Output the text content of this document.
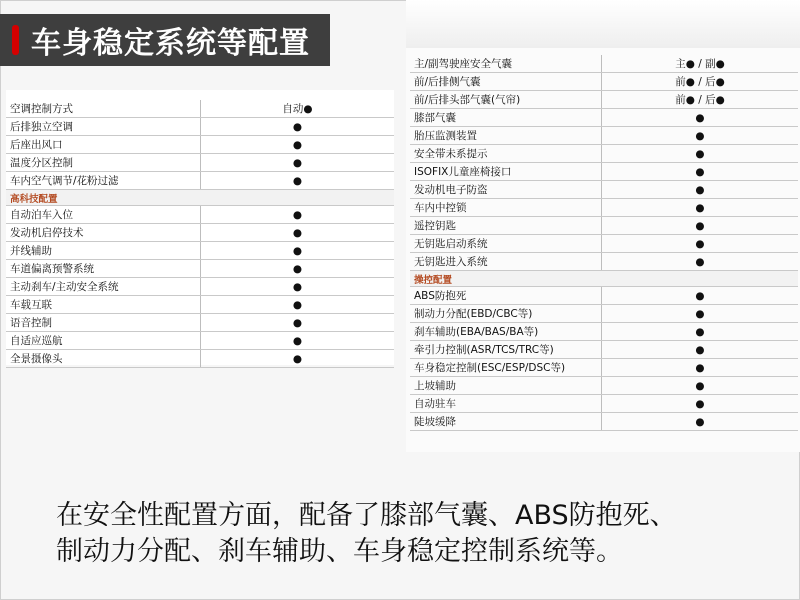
车身稳定系统等配置
空调控制方式	自动●
后排独立空调	●
后座出风口	●
温度分区控制	●
车内空气调节/花粉过滤	●
高科技配置	
自动泊车入位	●
发动机启停技术	●
并线辅助	●
车道偏离预警系统	●
主动刹车/主动安全系统	●
车载互联	●
语音控制	●
自适应巡航	●
全景摄像头	●
主/副驾驶座安全气囊	主● / 副●
前/后排侧气囊	前● / 后●
前/后排头部气囊(气帘)	前● / 后●
膝部气囊	●
胎压监测装置	●
安全带未系提示	●
ISOFIX儿童座椅接口	●
发动机电子防盗	●
车内中控锁	●
遥控钥匙	●
无钥匙启动系统	●
无钥匙进入系统	●
操控配置	
ABS防抱死	●
制动力分配(EBD/CBC等)	●
刹车辅助(EBA/BAS/BA等)	●
牵引力控制(ASR/TCS/TRC等)	●
车身稳定控制(ESC/ESP/DSC等)	●
上坡辅助	●
自动驻车	●
陡坡缓降	●
在安全性配置方面，配备了膝部气囊、ABS防抱死、
制动力分配、刹车辅助、车身稳定控制系统等。
